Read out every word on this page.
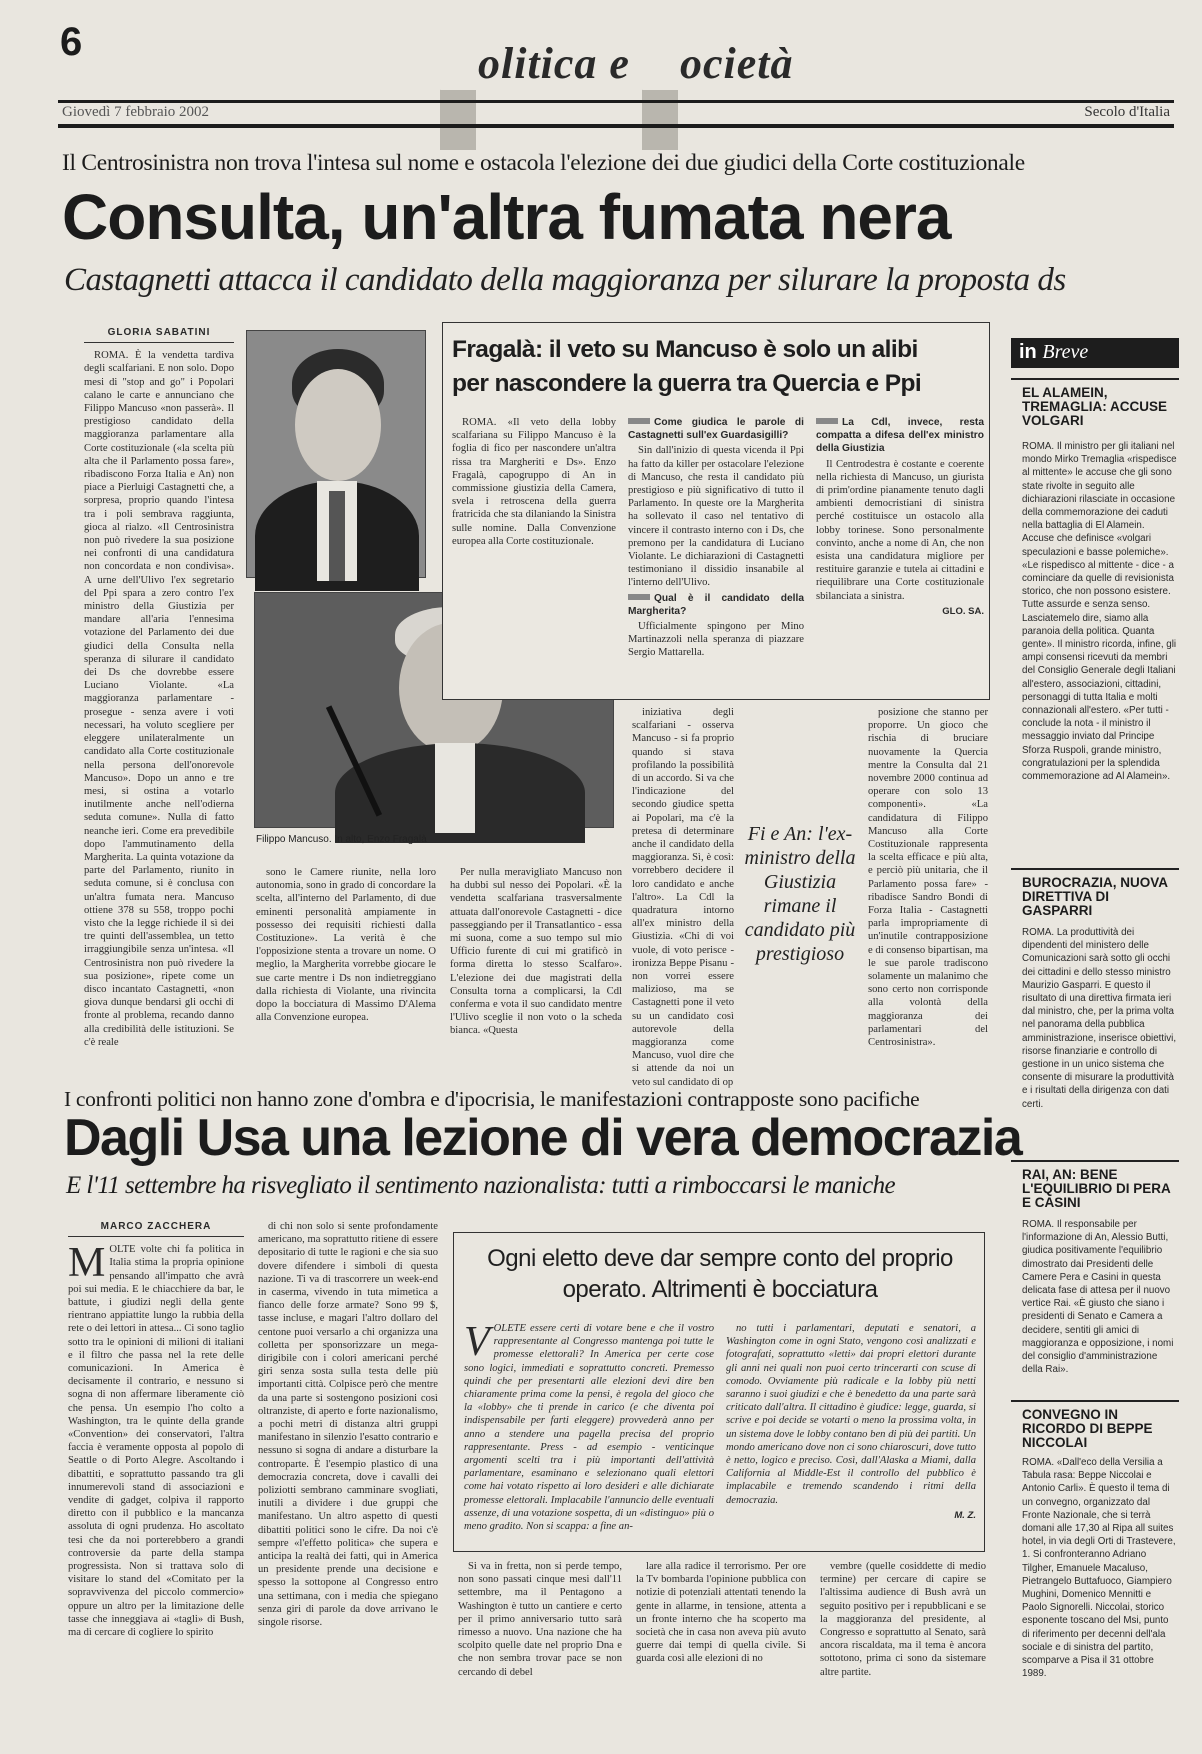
6
Politica e Società
Giovedì 7 febbraio 2002	Secolo d'Italia
Il Centrosinistra non trova l'intesa sul nome e ostacola l'elezione dei due giudici della Corte costituzionale
Consulta, un'altra fumata nera
Castagnetti attacca il candidato della maggioranza per silurare la proposta ds
GLORIA SABATINI

ROMA. È la vendetta tardiva degli scalfariani. E non solo. Dopo mesi di "stop and go" i Popolari calano le carte e annunciano che Filippo Mancuso «non passerà». Il prestigioso candidato della maggioranza parlamentare alla Corte costituzionale («la scelta più alta che il Parlamento possa fare», ribadiscono Forza Italia e An) non piace a Pierluigi Castagnetti che, a sorpresa, proprio quando l'intesa tra i poli sembrava raggiunta, gioca al rialzo. «Il Centrosinistra non può rivedere la sua posizione nei confronti di una candidatura non concordata e non condivisa». A urne dell'Ulivo l'ex segretario del Ppi spara a zero contro l'ex ministro della Giustizia per mandare all'aria l'ennesima votazione del Parlamento dei due giudici della Consulta nella speranza di silurare il candidato dei Ds che dovrebbe essere Luciano Violante. «La maggioranza parlamentare - prosegue - senza avere i voti necessari, ha voluto scegliere per eleggere unilateralmente un candidato alla Corte costituzionale nella persona dell'onorevole Mancuso». Dopo un anno e tre mesi, si ostina a votarlo inutilmente anche nell'odierna seduta comune». Nulla di fatto neanche ieri. Come era prevedibile dopo l'ammutinamento della Margherita. La quinta votazione da parte del Parlamento, riunito in seduta comune, si è conclusa con un'altra fumata nera. Mancuso ottiene 378 su 558, troppo pochi visto che la legge richiede il sì dei tre quinti dell'assemblea, un tetto irraggiungibile senza un'intesa. «Il Centrosinistra non può rivedere la sua posizione», ripete come un disco incantato Castagnetti, «non giova dunque bendarsi gli occhi di fronte al problema, recando danno alla credibilità delle istituzioni. Se c'è reale

Filippo Mancuso. In alto, Enzo Fragalà
Fragalà: il veto su Mancuso è solo un alibi
per nascondere la guerra tra Quercia e Ppi

ROMA. «Il veto della lobby scalfariana su Filippo Mancuso è la foglia di fico per nascondere un'altra rissa tra Margheriti e Ds». Enzo Fragalà, capogruppo di An in commissione giustizia della Camera, svela i retroscena della guerra fratricida che sta dilaniando la Sinistra sulle nomine. Dalla Convenzione europea alla Corte costituzionale.

Come giudica le parole di Castagnetti sull'ex Guardasigilli?

Sin dall'inizio di questa vicenda il Ppi ha fatto da killer per ostacolare l'elezione di Mancuso, che resta il candidato più prestigioso e più significativo di tutto il Parlamento. In queste ore la Margherita ha sollevato il caso nel tentativo di vincere il contrasto interno con i Ds, che premono per la candidatura di Luciano Violante. Le dichiarazioni di Castagnetti testimoniano il dissidio insanabile al l'interno dell'Ulivo.

Qual è il candidato della Margherita?

Ufficialmente spingono per Mino Martinazzoli nella speranza di piazzare Sergio Mattarella.

La Cdl, invece, resta compatta a difesa dell'ex ministro della Giustizia

Il Centrodestra è costante e coerente nella richiesta di Mancuso, un giurista di prim'ordine pianamente tenuto dagli ambienti democristiani di sinistra perché costituisce un ostacolo alla lobby torinese. Sono personalmente convinto, anche a nome di An, che non esista una candidatura migliore per restituire garanzie e tutela ai cittadini e riequilibrare una Corte costituzionale sbilanciata a sinistra.

GLO. SA.

iniziativa degli scalfariani - osserva Mancuso - si fa proprio quando si stava profilando la possibilità di un accordo. Si va che l'indicazione del secondo giudice spetta ai Popolari, ma c'è la pretesa di determinare anche il candidato della maggioranza. Sì, è così: vorrebbero decidere il loro candidato e anche l'altro». La Cdl la quadratura intorno all'ex ministro della Giustizia. «Chi di voi vuole, di voto perisce - ironizza Beppe Pisanu - non vorrei essere malizioso, ma se Castagnetti pone il veto su un candidato così autorevole della maggioranza come Mancuso, vuol dire che si attende da noi un veto sul candidato di op

Fi e An: l'ex-ministro della Giustizia rimane il candidato più prestigioso

posizione che stanno per proporre. Un gioco che rischia di bruciare nuovamente la Quercia mentre la Consulta dal 21 novembre 2000 continua ad operare con solo 13 componenti». «La candidatura di Filippo Mancuso alla Corte Costituzionale rappresenta la scelta efficace e più alta, e perciò più unitaria, che il Parlamento possa fare» - ribadisce Sandro Bondi di Forza Italia - Castagnetti parla impropriamente di un'inutile contrapposizione e di consenso bipartisan, ma le sue parole tradiscono solamente un malanimo che sono certo non corrisponde alla volontà della maggioranza dei parlamentari del Centrosinistra».

sono le Camere riunite, nella loro autonomia, sono in grado di concordare la scelta, all'interno del Parlamento, di due eminenti personalità ampiamente in possesso dei requisiti richiesti dalla Costituzione». La verità è che l'opposizione stenta a trovare un nome. O meglio, la Margherita vorrebbe giocare le sue carte mentre i Ds non indietreggiano dalla richiesta di Violante, una rivincita dopo la bocciatura di Massimo D'Alema alla Convenzione europea.

Per nulla meravigliato Mancuso non ha dubbi sul nesso dei Popolari. «È la vendetta scalfariana trasversalmente attuata dall'onorevole Castagnetti - dice passeggiando per il Transatlantico - essa mi suona, come a suo tempo sul mio Ufficio furente di cui mi gratificò in forma diretta lo stesso Scalfaro». L'elezione dei due magistrati della Consulta torna a complicarsi, la Cdl conferma e vota il suo candidato mentre l'Ulivo sceglie il non voto o la scheda bianca. «Questa

in Breve
EL ALAMEIN, TREMAGLIA: ACCUSE VOLGARI
ROMA. Il ministro per gli italiani nel mondo Mirko Tremaglia «rispedisce al mittente» le accuse che gli sono state rivolte in seguito alle dichiarazioni rilasciate in occasione della commemorazione dei caduti nella battaglia di El Alamein. Accuse che definisce «volgari speculazioni e basse polemiche». «Le rispedisco al mittente - dice - a cominciare da quelle di revisionista storico, che non possono esistere. Tutte assurde e senza senso. Lasciatemelo dire, siamo alla paranoia della politica. Quanta gente». Il ministro ricorda, infine, gli ampi consensi ricevuti da membri del Consiglio Generale degli Italiani all'estero, associazioni, cittadini, personaggi di tutta Italia e molti connazionali all'estero. «Per tutti - conclude la nota - il ministro il messaggio inviato dal Principe Sforza Ruspoli, grande ministro, congratulazioni per la splendida commemorazione ad Al Alamein».
BUROCRAZIA, NUOVA DIRETTIVA DI GASPARRI
ROMA. La produttività dei dipendenti del ministero delle Comunicazioni sarà sotto gli occhi dei cittadini e dello stesso ministro Maurizio Gasparri. E questo il risultato di una direttiva firmata ieri dal ministro, che, per la prima volta nel panorama della pubblica amministrazione, inserisce obiettivi, risorse finanziarie e controllo di gestione in un unico sistema che consente di misurare la produttività e i risultati della dirigenza con dati certi.
RAI, AN: BENE L'EQUILIBRIO DI PERA E CASINI
ROMA. Il responsabile per l'informazione di An, Alessio Butti, giudica positivamente l'equilibrio dimostrato dai Presidenti delle Camere Pera e Casini in questa delicata fase di attesa per il nuovo vertice Rai. «È giusto che siano i presidenti di Senato e Camera a decidere, sentiti gli amici di maggioranza e opposizione, i nomi del consiglio d'amministrazione della Rai».
CONVEGNO IN RICORDO DI BEPPE NICCOLAI
ROMA. «Dall'eco della Versilia a Tabula rasa: Beppe Niccolai e Antonio Carli». È questo il tema di un convegno, organizzato dal Fronte Nazionale, che si terrà domani alle 17,30 al Ripa all suites hotel, in via degli Orti di Trastevere, 1. Si confronteranno Adriano Tilgher, Emanuele Macaluso, Pietrangelo Buttafuoco, Giampiero Mughini, Domenico Mennitti e Paolo Signorelli. Niccolai, storico esponente toscano del Msi, punto di riferimento per decenni dell'ala sociale e di sinistra del partito, scomparve a Pisa il 31 ottobre 1989.
I confronti politici non hanno zone d'ombra e d'ipocrisia, le manifestazioni contrapposte sono pacifiche
Dagli Usa una lezione di vera democrazia
E l'11 settembre ha risvegliato il sentimento nazionalista: tutti a rimboccarsi le maniche
MARCO ZACCHERA
M OLTE volte chi fa politica in Italia stima la propria opinione pensando all'impatto che avrà poi sui media. E le chiacchiere da bar, le battute, i giudizi negli della gente rientrano appiattite lungo la rubbia della rete o dei lettori in attesa... Ci sono taglio sotto tra le opinioni di milioni di italiani e il filtro che passa nel la rete delle comunicazioni. In America è decisamente il contrario, e nessuno si sogna di non affermare liberamente ciò che pensa. Un esempio l'ho colto a Washington, tra le quinte della grande «Convention» dei conservatori, l'altra faccia è veramente opposta al popolo di Seattle o di Porto Alegre. Ascoltando i dibattiti, e soprattutto passando tra gli innumerevoli stand di associazioni e vendite di gadget, colpiva il rapporto diretto con il pubblico e la mancanza assoluta di ogni prudenza. Ho ascoltato tesi che da noi porterebbero a grandi controversie da parte della stampa progressista. Non si trattava solo di visitare lo stand del «Comitato per la sopravvivenza del piccolo commercio» oppure un altro per la limitazione delle tasse che inneggiava ai «tagli» di Bush, ma di cercare di cogliere lo spirito

di chi non solo si sente profondamente americano, ma soprattutto ritiene di essere depositario di tutte le ragioni e che sia suo dovere difendere i simboli di questa nazione. Ti va di trascorrere un week-end in caserma, vivendo in tuta mimetica a fianco delle forze armate? Sono 99 $, tasse incluse, e magari l'altro dollaro del centone puoi versarlo a chi organizza una colletta per sponsorizzare un mega-dirigibile con i colori americani perché giri senza sosta sulla testa delle più importanti città. Colpisce però che mentre da una parte si sostengono posizioni così oltranziste, di aperto e forte nazionalismo, a pochi metri di distanza altri gruppi manifestano in silenzio l'esatto contrario e nessuno si sogna di andare a disturbare la controparte. È l'esempio plastico di una democrazia concreta, dove i cavalli dei poliziotti sembrano camminare svogliati, inutili a dividere i due gruppi che manifestano. Un altro aspetto di questi dibattiti politici sono le cifre. Da noi c'è sempre «l'effetto politica» che supera e anticipa la realtà dei fatti, qui in America un presidente prende una decisione e spesso la sottopone al Congresso entro una settimana, con i media che spiegano senza giri di parole da dove arrivano le singole risorse.

Ogni eletto deve dar sempre conto del proprio operato. Altrimenti è bocciatura
V OLETE essere certi di votare bene e che il vostro rappresentante al Congresso mantenga poi tutte le promesse elettorali? In America per certe cose sono logici, immediati e soprattutto concreti. Premesso quindi che per presentarti alle elezioni devi dire ben chiaramente prima come la pensi, è regola del gioco che la «lobby» che ti prende in carico (e che diventa poi indispensabile per farti eleggere) provvederà anno per anno a stendere una pagella precisa del proprio rappresentante. Press - ad esempio - venticinque argomenti scelti tra i più importanti dell'attività parlamentare, esaminano e selezionano quali elettori come hai votato rispetto ai loro desideri e alle dichiarate promesse elettorali. Implacabile l'annuncio delle eventuali assenze, di una votazione sospetta, di un «distinguo» più o meno gradito. Non si scappa: a fine an-

no tutti i parlamentari, deputati e senatori, a Washington come in ogni Stato, vengono così analizzati e fotografati, soprattutto «letti» dai propri elettori durante gli anni nei quali non puoi certo trincerarti con scuse di comodo. Ovviamente più radicale e la lobby più netti saranno i suoi giudizi e che è benedetto da una parte sarà criticato dall'altra. Il cittadino è giudice: legge, guarda, si scrive e poi decide se votarti o meno la prossima volta, in un sistema dove le lobby contano ben di più dei partiti. Un mondo americano dove non ci sono chiaroscuri, dove tutto è netto, logico e preciso. Così, dall'Alaska a Miami, dalla California al Middle-Est il controllo del pubblico è implacabile e tremendo scandendo i ritmi della democrazia.

M. Z.

Si va in fretta, non si perde tempo, non sono passati cinque mesi dall'11 settembre, ma il Pentagono a Washington è tutto un cantiere e certo per il primo anniversario tutto sarà rimesso a nuovo. Una nazione che ha scolpito quelle date nel proprio Dna e che non sembra trovar pace se non cercando di debel

lare alla radice il terrorismo. Per ore la Tv bombarda l'opinione pubblica con notizie di potenziali attentati tenendo la gente in allarme, in tensione, attenta a un fronte interno che ha scoperto ma società che in casa non aveva più avuto guerre dai tempi di quella civile. Si guarda così alle elezioni di no

vembre (quelle cosiddette di medio termine) per cercare di capire se l'altissima audience di Bush avrà un seguito positivo per i repubblicani e se la maggioranza del presidente, al Congresso e soprattutto al Senato, sarà ancora riscaldata, ma il tema è ancora sottotono, prima ci sono da sistemare altre partite.
